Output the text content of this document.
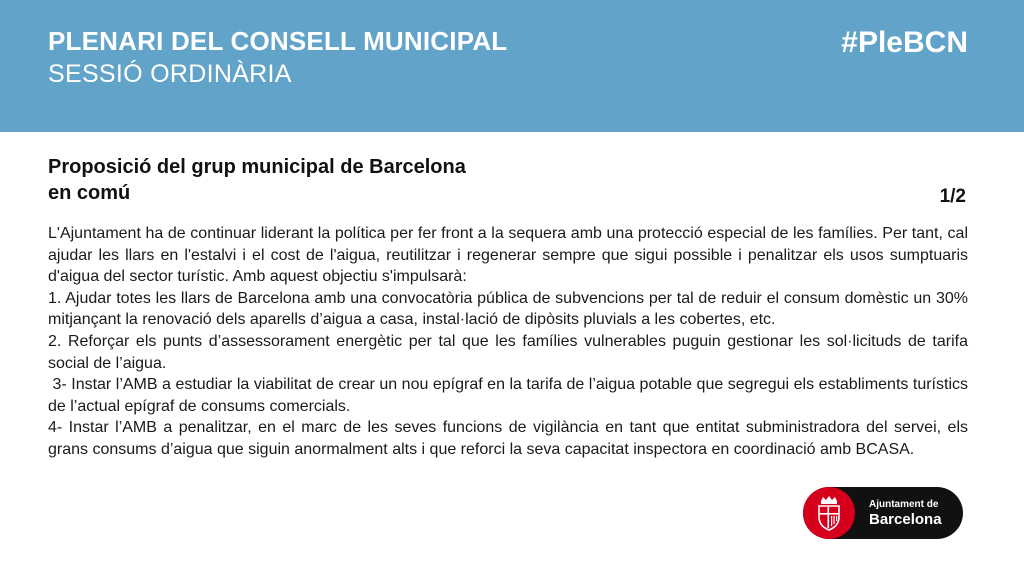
PLENARI DEL CONSELL MUNICIPAL
SESSIÓ ORDINÀRIA
#PleBCN
Proposició del grup municipal de Barcelona en comú	1/2

L'Ajuntament ha de continuar liderant la política per fer front a la sequera amb una protecció especial de les famílies. Per tant, cal ajudar les llars en l'estalvi i el cost de l'aigua, reutilitzar i regenerar sempre que sigui possible i penalitzar els usos sumptuaris d'aigua del sector turístic. Amb aquest objectiu s'impulsarà:

1. Ajudar totes les llars de Barcelona amb una convocatòria pública de subvencions per tal de reduir el consum domèstic un 30% mitjançant la renovació dels aparells d’aigua a casa, instal·lació de dipòsits pluvials a les cobertes, etc.

2. Reforçar els punts d’assessorament energètic per tal que les famílies vulnerables puguin gestionar les sol·licituds de tarifa social de l’aigua.

3- Instar l’AMB a estudiar la viabilitat de crear un nou epígraf en la tarifa de l’aigua potable que segregui els establiments turístics de l’actual epígraf de consums comercials.

4- Instar l’AMB a penalitzar, en el marc de les seves funcions de vigilància en tant que entitat subministradora del servei, els grans consums d’aigua que siguin anormalment alts i que reforci la seva capacitat inspectora en coordinació amb BCASA.

Ajuntament de
Barcelona
